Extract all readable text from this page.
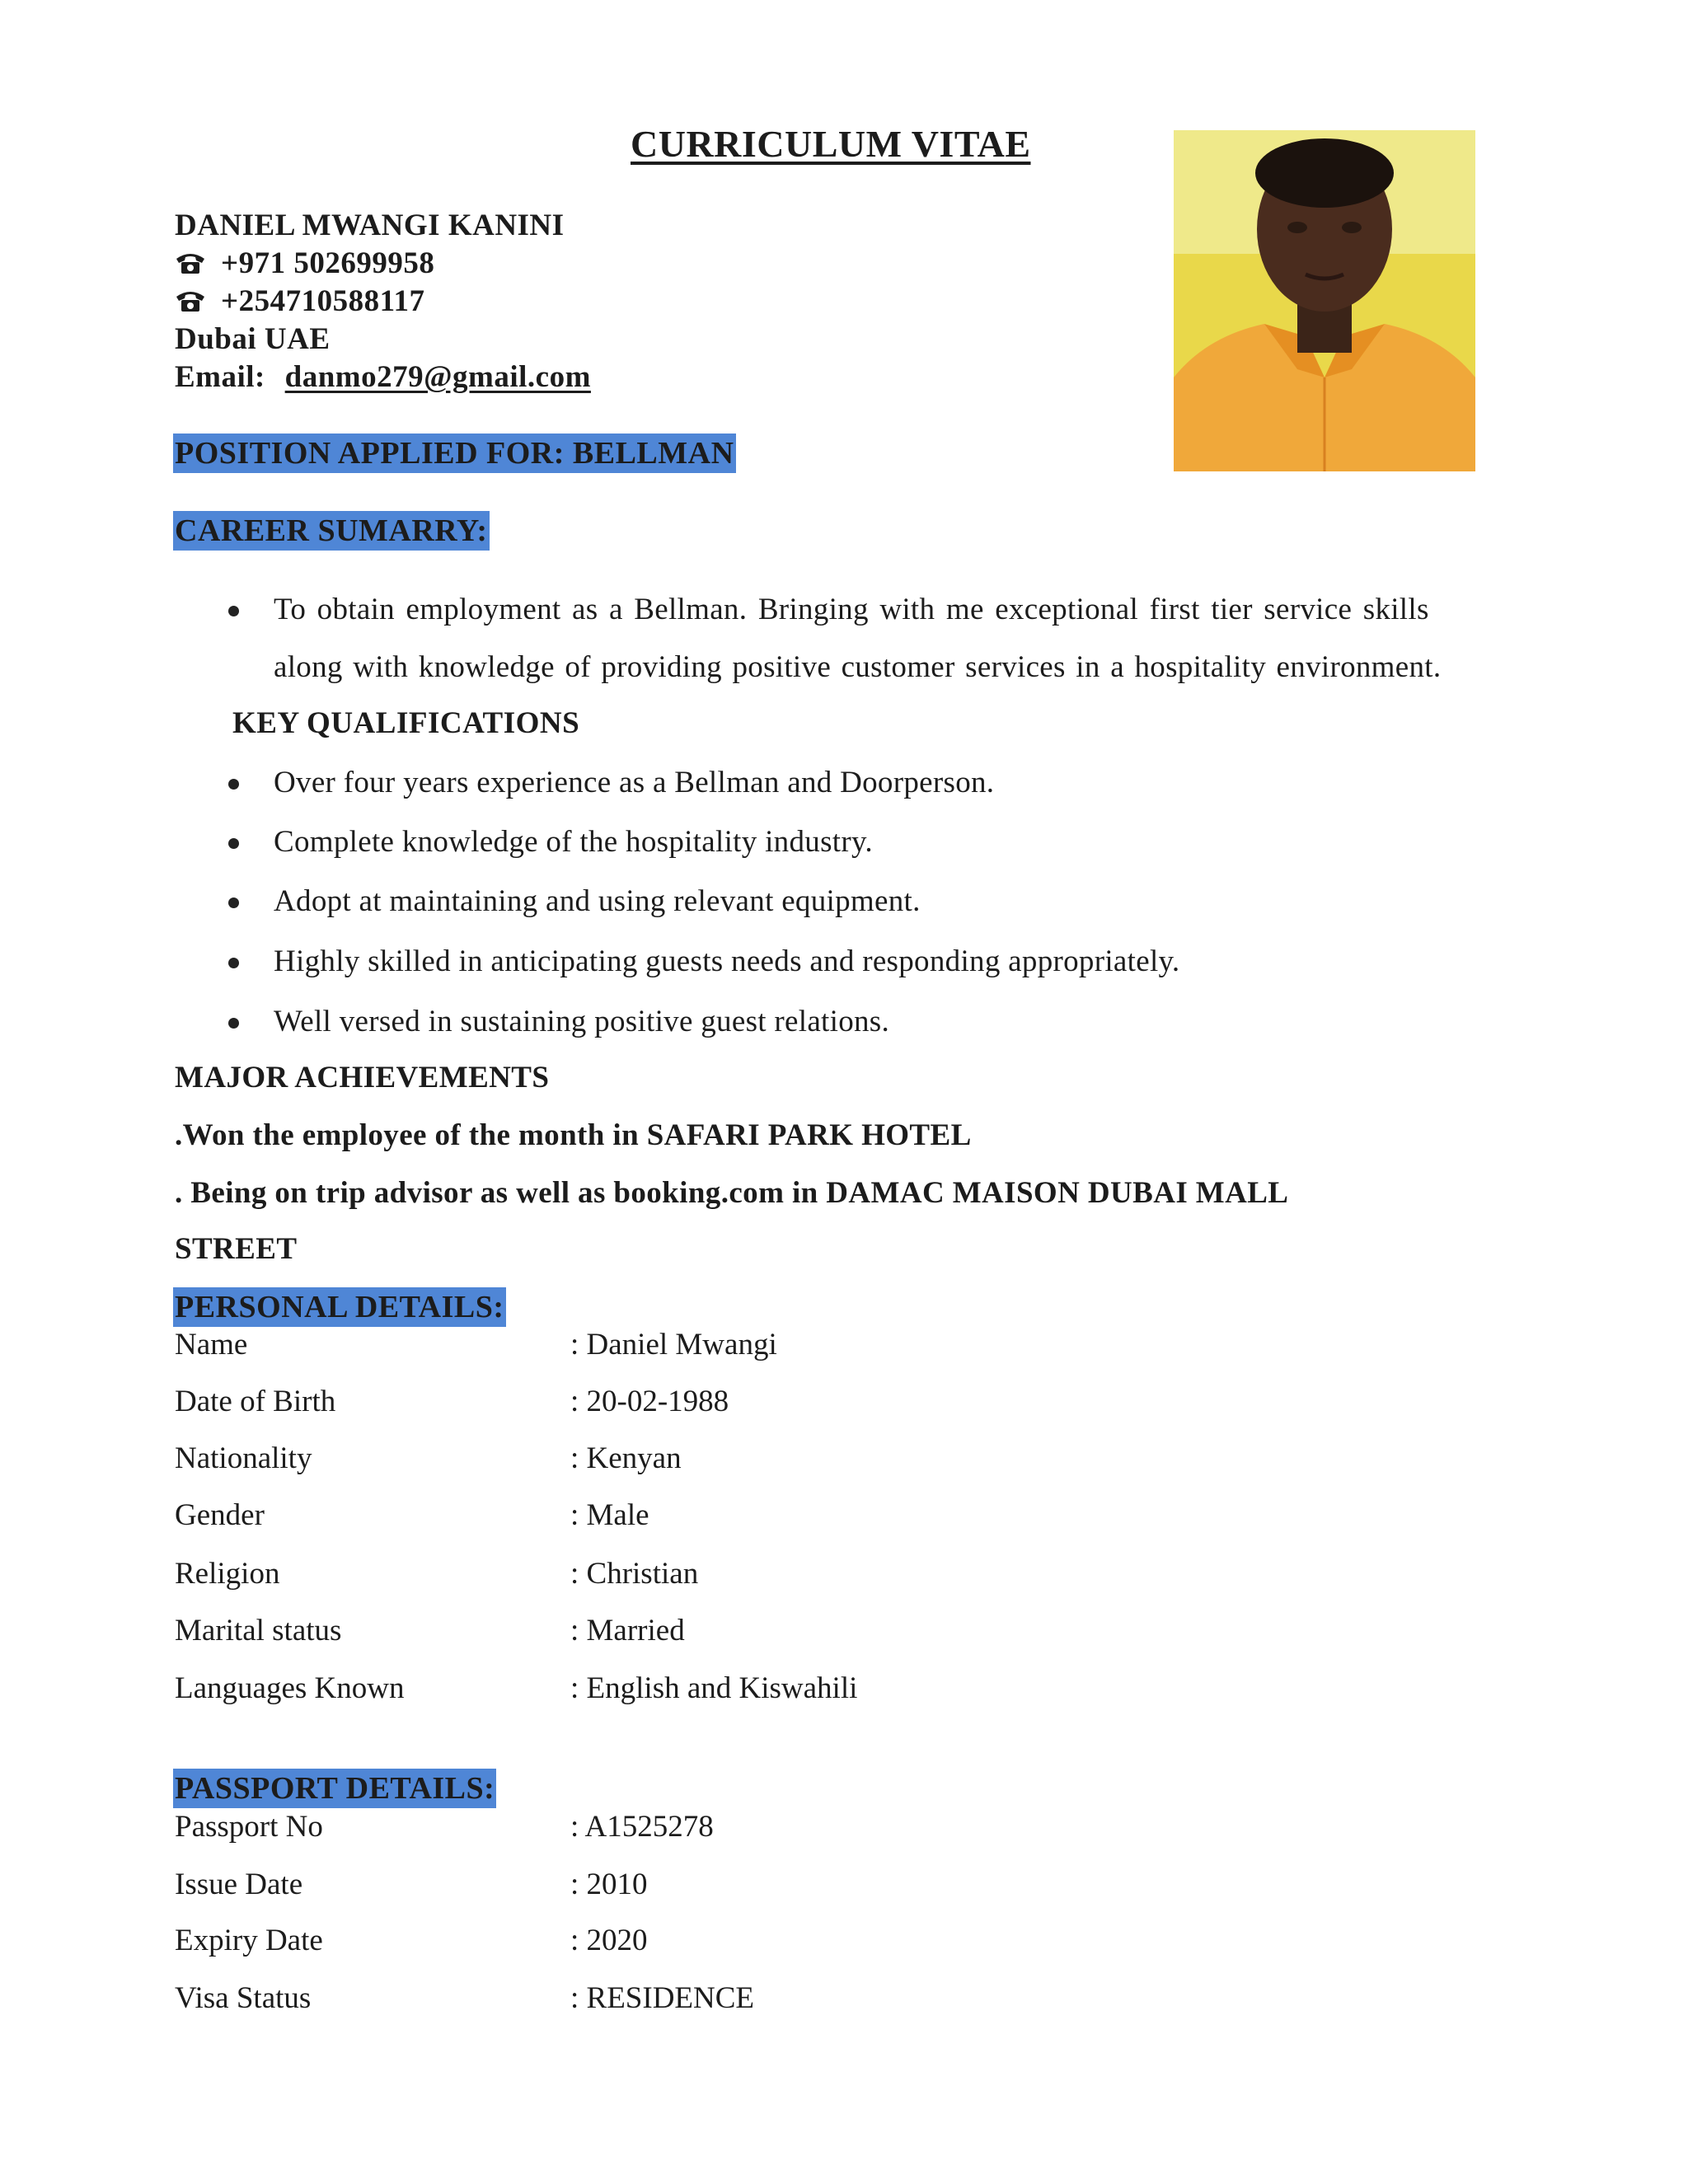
CURRICULUM VITAE
DANIEL MWANGI KANINI
+971 502699958
+254710588117
Dubai UAE
Email: danmo279@gmail.com
POSITION APPLIED FOR: BELLMAN
CAREER SUMARRY:
To obtain employment as a Bellman. Bringing with me exceptional first tier service skills
along with knowledge of providing positive customer services in a hospitality environment.
KEY QUALIFICATIONS
Over four years experience as a Bellman and Doorperson.
Complete knowledge of the hospitality industry.
Adopt at maintaining and using relevant equipment.
Highly skilled in anticipating guests needs and responding appropriately.
Well versed in sustaining positive guest relations.
MAJOR ACHIEVEMENTS
.Won the employee of the month in SAFARI PARK HOTEL
. Being on trip advisor as well as booking.com in DAMAC MAISON DUBAI MALL
STREET
PERSONAL DETAILS:
Name	: Daniel Mwangi
Date of Birth	: 20-02-1988
Nationality	: Kenyan
Gender	: Male
Religion	: Christian
Marital status	: Married
Languages Known	: English and Kiswahili
PASSPORT DETAILS:
Passport No	: A1525278
Issue Date	: 2010
Expiry Date	: 2020
Visa Status	: RESIDENCE
